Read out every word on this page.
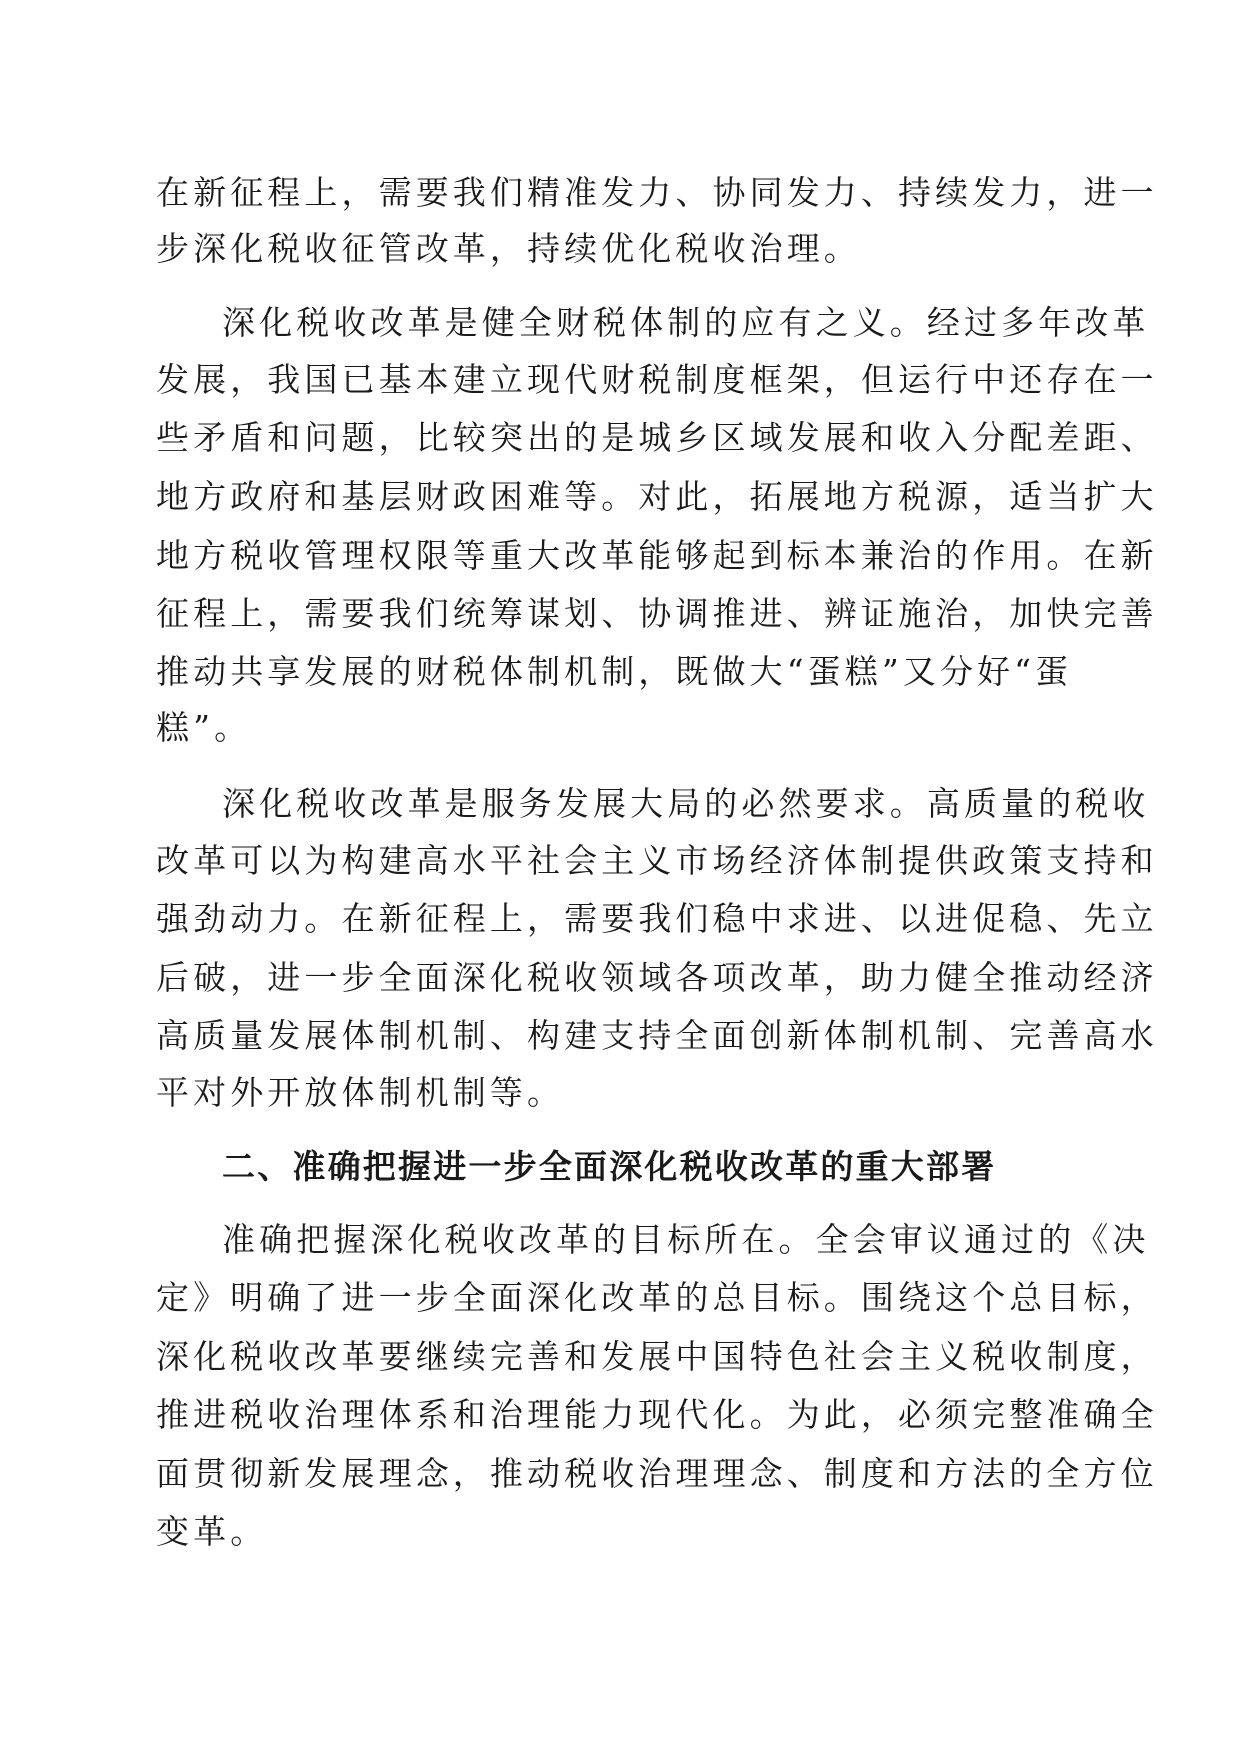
在新征程上，需要我们精准发力、协同发力、持续发力，进一
步深化税收征管改革，持续优化税收治理。
深化税收改革是健全财税体制的应有之义。经过多年改革
发展，我国已基本建立现代财税制度框架，但运行中还存在一
些矛盾和问题，比较突出的是城乡区域发展和收入分配差距、
地方政府和基层财政困难等。对此，拓展地方税源，适当扩大
地方税收管理权限等重大改革能够起到标本兼治的作用。在新
征程上，需要我们统筹谋划、协调推进、辨证施治，加快完善
推动共享发展的财税体制机制，既做大“蛋糕”又分好“蛋
糕”。
深化税收改革是服务发展大局的必然要求。高质量的税收
改革可以为构建高水平社会主义市场经济体制提供政策支持和
强劲动力。在新征程上，需要我们稳中求进、以进促稳、先立
后破，进一步全面深化税收领域各项改革，助力健全推动经济
高质量发展体制机制、构建支持全面创新体制机制、完善高水
平对外开放体制机制等。
二、准确把握进一步全面深化税收改革的重大部署
准确把握深化税收改革的目标所在。全会审议通过的《决
定》明确了进一步全面深化改革的总目标。围绕这个总目标，
深化税收改革要继续完善和发展中国特色社会主义税收制度，
推进税收治理体系和治理能力现代化。为此，必须完整准确全
面贯彻新发展理念，推动税收治理理念、制度和方法的全方位
变革。
